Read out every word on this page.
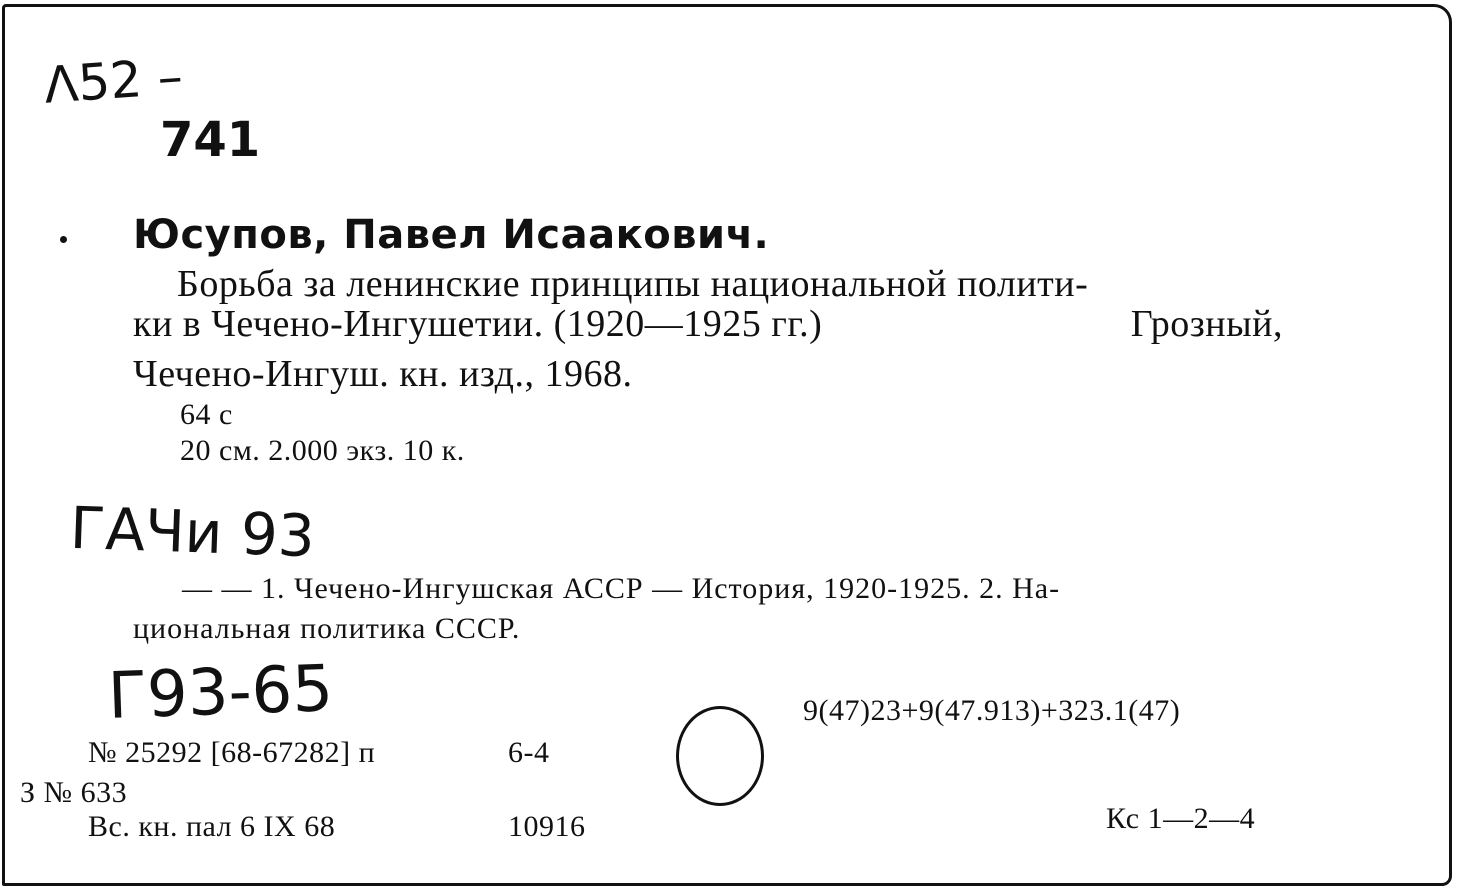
Λ52 –
741
Юсупов, Павел Исаакович.
Борьба за ленинские принципы национальной полити-
ки в Чечено-Ингушетии. (1920—1925 гг.)	Грозный,
Чечено-Ингуш. кн. изд., 1968.
64 с
20 см. 2.000 экз. 10 к.
ГАЧи 93
— — 1. Чечено-Ингушская АССР — История, 1920-1925. 2. На-
циональная политика СССР.
Г93-65	9(47)23+9(47.913)+323.1(47)
№ 25292 [68-67282] п	6-4
З № 633
Вс. кн. пал 6 IX 68	10916	Кс 1—2—4
